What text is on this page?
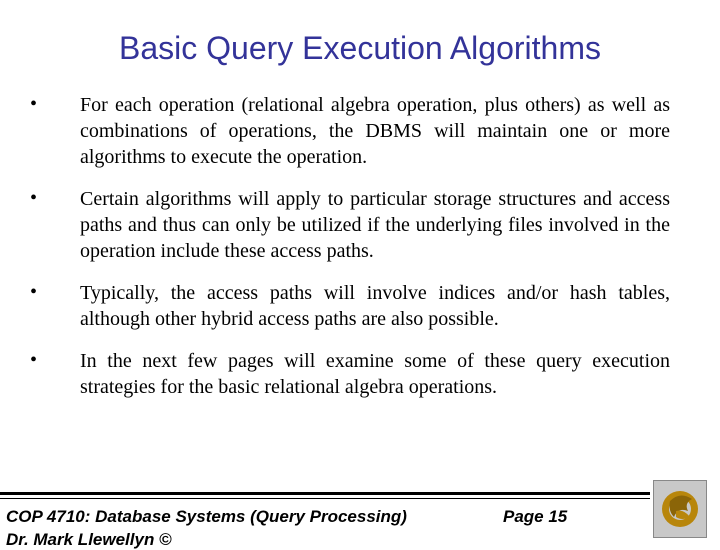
Basic Query Execution Algorithms
•	For each operation (relational algebra operation, plus others) as well as combinations of operations, the DBMS will maintain one or more algorithms to execute the operation.
•	Certain algorithms will apply to particular storage structures and access paths and thus can only be utilized if the underlying files involved in the operation include these access paths.
•	Typically, the access paths will involve indices and/or hash tables, although other hybrid access paths are also possible.
•	In the next few pages will examine some of these query execution strategies for the basic relational algebra operations.
COP 4710: Database Systems (Query Processing)	Page 15
Dr. Mark Llewellyn ©
